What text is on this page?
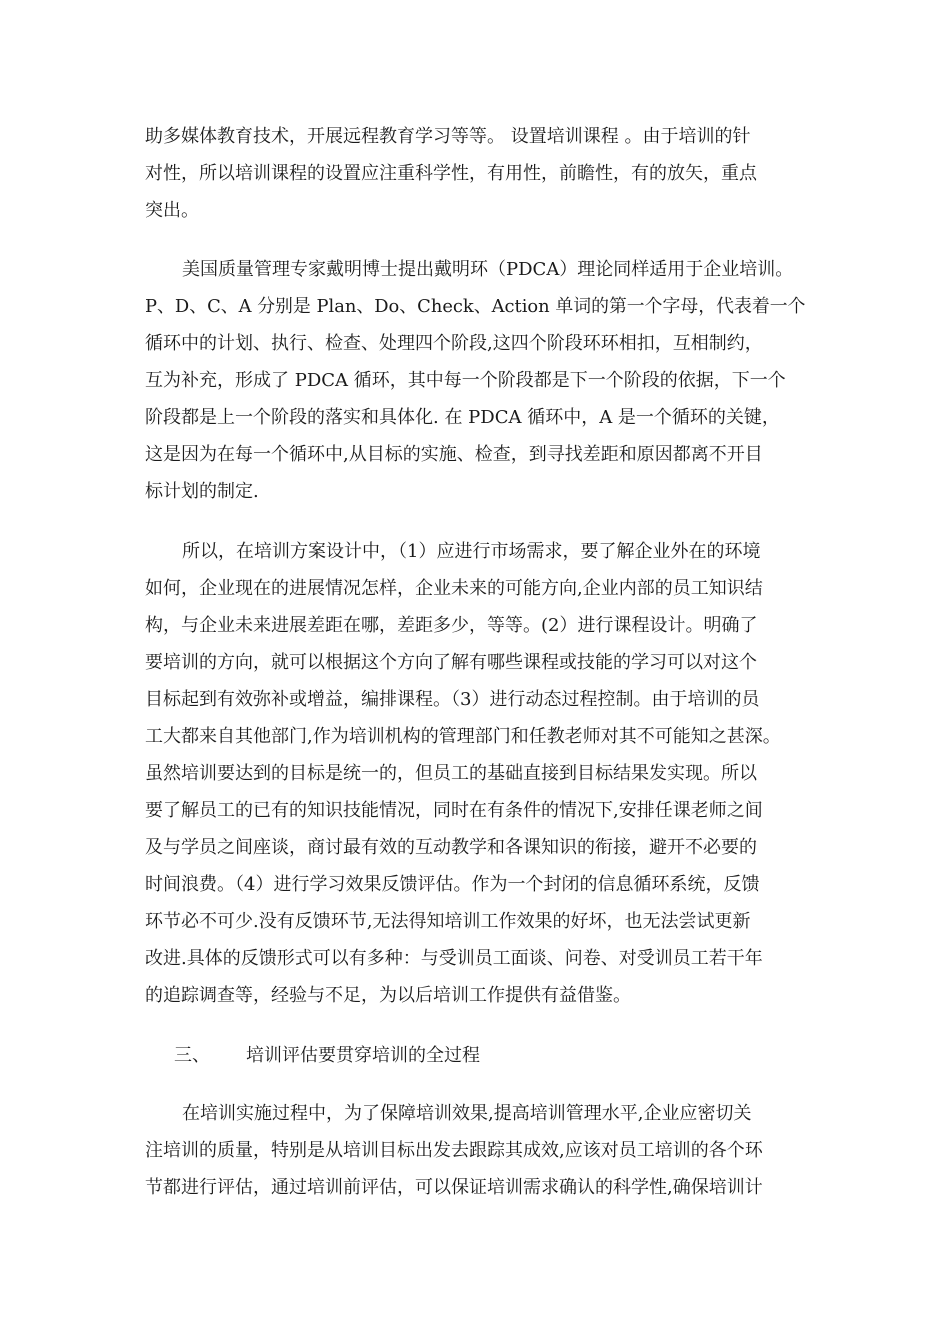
助多媒体教育技术，开展远程教育学习等等。 设置培训课程 。由于培训的针
对性，所以培训课程的设置应注重科学性，有用性，前瞻性，有的放矢，重点
突出。
美国质量管理专家戴明博士提出戴明环（PDCA）理论同样适用于企业培训。
P、D、C、A 分别是 Plan、Do、Check、Action 单词的第一个字母，代表着一个
循环中的计划、执行、检查、处理四个阶段,这四个阶段环环相扣，互相制约，
互为补充，形成了 PDCA 循环，其中每一个阶段都是下一个阶段的依据，下一个
阶段都是上一个阶段的落实和具体化. 在 PDCA 循环中，A 是一个循环的关键，
这是因为在每一个循环中,从目标的实施、检查，到寻找差距和原因都离不开目
标计划的制定.
所以，在培训方案设计中，（1）应进行市场需求，要了解企业外在的环境
如何，企业现在的进展情况怎样，企业未来的可能方向,企业内部的员工知识结
构，与企业未来进展差距在哪，差距多少，等等。(2）进行课程设计。明确了
要培训的方向，就可以根据这个方向了解有哪些课程或技能的学习可以对这个
目标起到有效弥补或增益，编排课程。（3）进行动态过程控制。由于培训的员
工大都来自其他部门,作为培训机构的管理部门和任教老师对其不可能知之甚深。
虽然培训要达到的目标是统一的，但员工的基础直接到目标结果发实现。所以
要了解员工的已有的知识技能情况，同时在有条件的情况下,安排任课老师之间
及与学员之间座谈，商讨最有效的互动教学和各课知识的衔接，避开不必要的
时间浪费。（4）进行学习效果反馈评估。作为一个封闭的信息循环系统，反馈
环节必不可少.没有反馈环节,无法得知培训工作效果的好坏，也无法尝试更新
改进.具体的反馈形式可以有多种：与受训员工面谈、问卷、对受训员工若干年
的追踪调查等，经验与不足，为以后培训工作提供有益借鉴。
三、 培训评估要贯穿培训的全过程
在培训实施过程中，为了保障培训效果,提高培训管理水平,企业应密切关
注培训的质量，特别是从培训目标出发去跟踪其成效,应该对员工培训的各个环
节都进行评估，通过培训前评估，可以保证培训需求确认的科学性,确保培训计
